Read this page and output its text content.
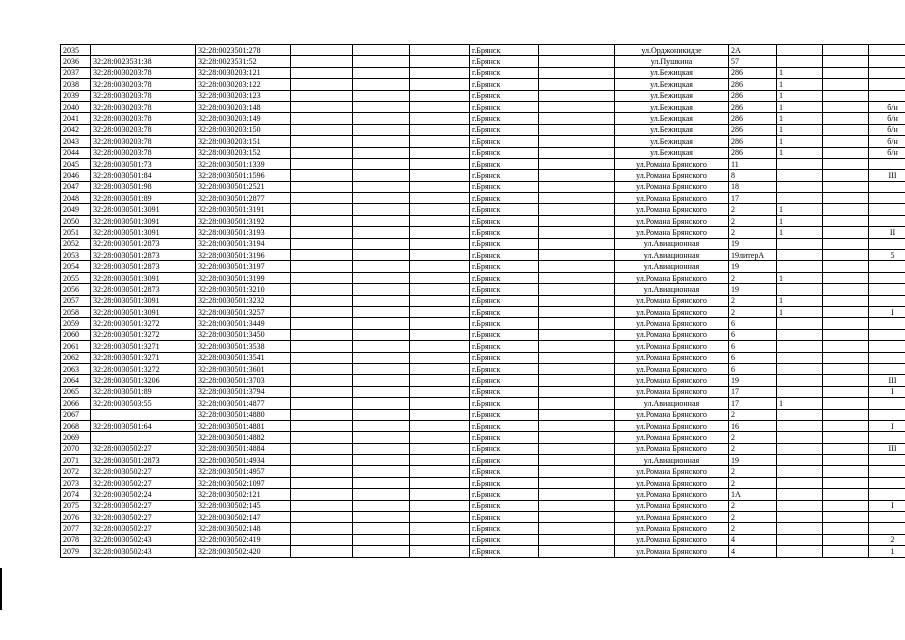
2035		32:28:0023501:278				г.Брянск		ул.Орджоникидзе	2А			
2036	32:28:0023531:38	32:28:0023531:52				г.Брянск		ул.Пушкина	57			
2037	32:28:0030203:78	32:28:0030203:121				г.Брянск		ул.Бежицкая	286	1		
2038	32:28:0030203:78	32:28:0030203:122				г.Брянск		ул.Бежицкая	286	1		
2039	32:28:0030203:78	32:28:0030203:123				г.Брянск		ул.Бежицкая	286	1		
2040	32:28:0030203:78	32:28:0030203:148				г.Брянск		ул.Бежицкая	286	1		б/н
2041	32:28:0030203:78	32:28:0030203:149				г.Брянск		ул.Бежицкая	286	1		б/н
2042	32:28:0030203:78	32:28:0030203:150				г.Брянск		ул.Бежицкая	286	1		б/н
2043	32:28:0030203:78	32:28:0030203:151				г.Брянск		ул.Бежицкая	286	1		б/н
2044	32:28:0030203:78	32:28:0030203:152				г.Брянск		ул.Бежицкая	286	1		б/н
2045	32:28:0030501:73	32:28:0030501:1339				г.Брянск		ул.Романа Брянского	11			
2046	32:28:0030501:84	32:28:0030501:1596				г.Брянск		ул.Романа Брянского	8			III
2047	32:28:0030501:98	32:28:0030501:2521				г.Брянск		ул.Романа Брянского	18			
2048	32:28:0030501:89	32:28:0030501:2877				г.Брянск		ул.Романа Брянского	17			
2049	32:28:0030501:3091	32:28:0030501:3191				г.Брянск		ул.Романа Брянского	2	1		
2050	32:28:0030501:3091	32:28:0030501:3192				г.Брянск		ул.Романа Брянского	2	1		
2051	32:28:0030501:3091	32:28:0030501:3193				г.Брянск		ул.Романа Брянского	2	1		II
2052	32:28:0030501:2873	32:28:0030501:3194				г.Брянск		ул.Авиационная	19			
2053	32:28:0030501:2873	32:28:0030501:3196				г.Брянск		ул.Авиационная	19литерА			5
2054	32:28:0030501:2873	32:28:0030501:3197				г.Брянск		ул.Авиационная	19			
2055	32:28:0030501:3091	32:28:0030501:3199				г.Брянск		ул.Романа Брянского	2	1		
2056	32:28:0030501:2873	32:28:0030501:3210				г.Брянск		ул.Авиационная	19			
2057	32:28:0030501:3091	32:28:0030501:3232				г.Брянск		ул.Романа Брянского	2	1		
2058	32:28:0030501:3091	32:28:0030501:3257				г.Брянск		ул.Романа Брянского	2	1		I
2059	32:28:0030501:3272	32:28:0030501:3449				г.Брянск		ул.Романа Брянского	6			
2060	32:28:0030501:3272	32:28:0030501:3450				г.Брянск		ул.Романа Брянского	6			
2061	32:28:0030501:3271	32:28:0030501:3538				г.Брянск		ул.Романа Брянского	6			
2062	32:28:0030501:3271	32:28:0030501:3541				г.Брянск		ул.Романа Брянского	6			
2063	32:28:0030501:3272	32:28:0030501:3601				г.Брянск		ул.Романа Брянского	6			
2064	32:28:0030501:3206	32:28:0030501:3703				г.Брянск		ул.Романа Брянского	19			III
2065	32:28:0030501:89	32:28:0030501:3794				г.Брянск		ул.Романа Брянского	17			I
2066	32:28:0030503:55	32:28:0030501:4877				г.Брянск		ул.Авиационная	17	1		
2067		32:28:0030501:4880				г.Брянск		ул.Романа Брянского	2			
2068	32:28:0030501:64	32:28:0030501:4881				г.Брянск		ул.Романа Брянского	16			I
2069		32:28:0030501:4882				г.Брянск		ул.Романа Брянского	2			
2070	32:28:0030502:27	32:28:0030501:4884				г.Брянск		ул.Романа Брянского	2			III
2071	32:28:0030501:2873	32:28:0030501:4934				г.Брянск		ул.Авиационная	19			
2072	32:28:0030502:27	32:28:0030501:4957				г.Брянск		ул.Романа Брянского	2			
2073	32:28:0030502:27	32:28:0030502:1097				г.Брянск		ул.Романа Брянского	2			
2074	32:28:0030502:24	32:28:0030502:121				г.Брянск		ул.Романа Брянского	1А			
2075	32:28:0030502:27	32:28:0030502:145				г.Брянск		ул.Романа Брянского	2			I
2076	32:28:0030502:27	32:28:0030502:147				г.Брянск		ул.Романа Брянского	2			
2077	32:28:0030502:27	32:28:0030502:148				г.Брянск		ул.Романа Брянского	2			
2078	32:28:0030502:43	32:28:0030502:419				г.Брянск		ул.Романа Брянского	4			2
2079	32:28:0030502:43	32:28:0030502:420				г.Брянск		ул.Романа Брянского	4			1
